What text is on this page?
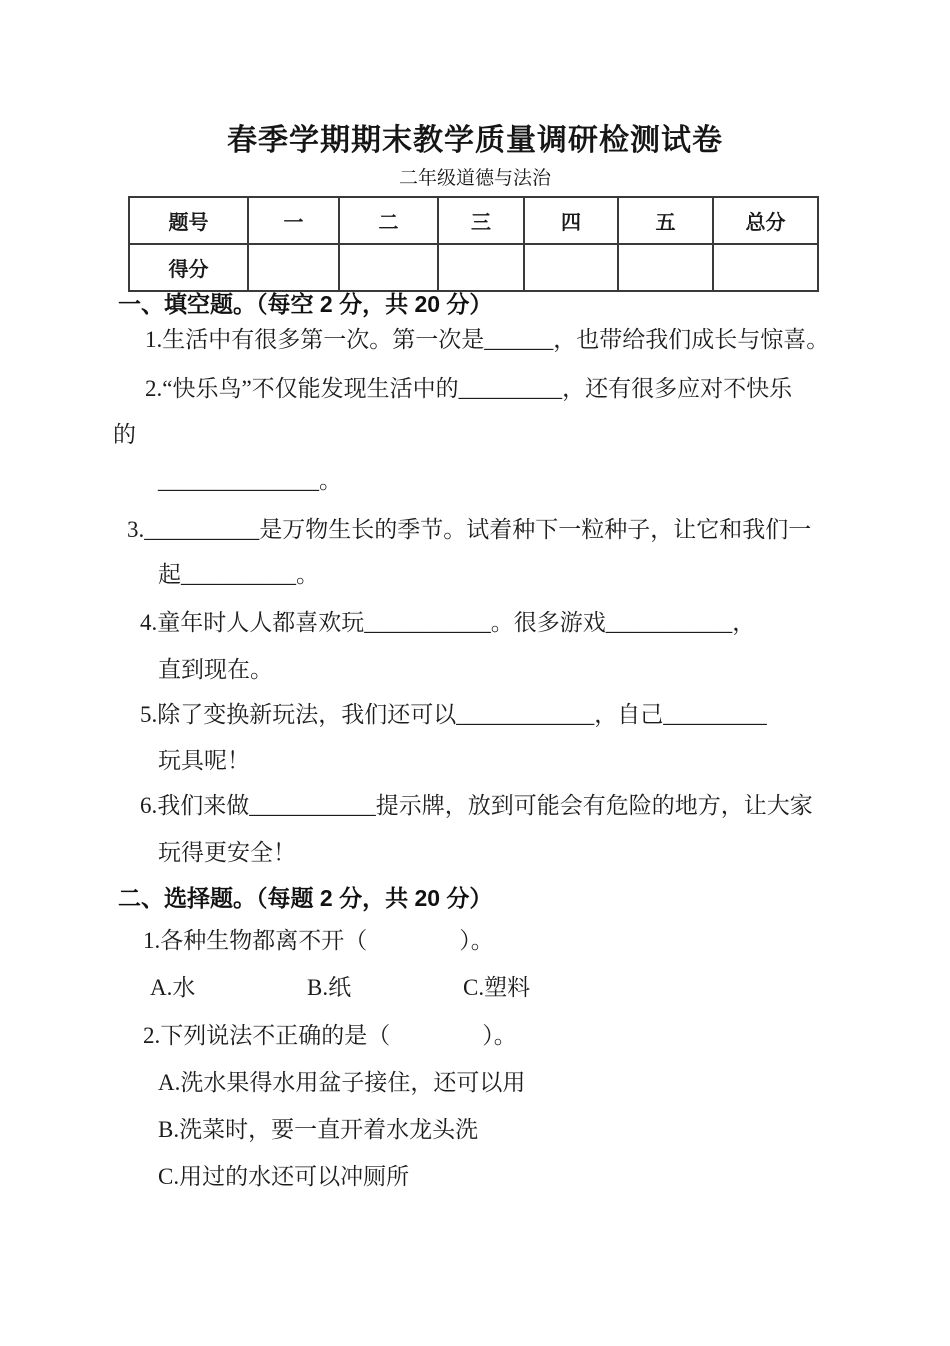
春季学期期末教学质量调研检测试卷
二年级道德与法治
题号	一	二	三	四	五	总分
得分						
一、填空题。（每空 2 分，共 20 分）
1.生活中有很多第一次。第一次是______，也带给我们成长与惊喜。
2.“快乐鸟”不仅能发现生活中的_________，还有很多应对不快乐
的
______________。
3.__________是万物生长的季节。试着种下一粒种子，让它和我们一
起__________。
4.童年时人人都喜欢玩___________。很多游戏___________，
直到现在。
5.除了变换新玩法，我们还可以____________，自己_________
玩具呢！
6.我们来做___________提示牌，放到可能会有危险的地方，让大家
玩得更安全！
二、选择题。（每题 2 分，共 20 分）
1.各种生物都离不开（　　　　）。
A.水	B.纸	C.塑料
2.下列说法不正确的是（　　　　）。
A.洗水果得水用盆子接住，还可以用
B.洗菜时，要一直开着水龙头洗
C.用过的水还可以冲厕所
